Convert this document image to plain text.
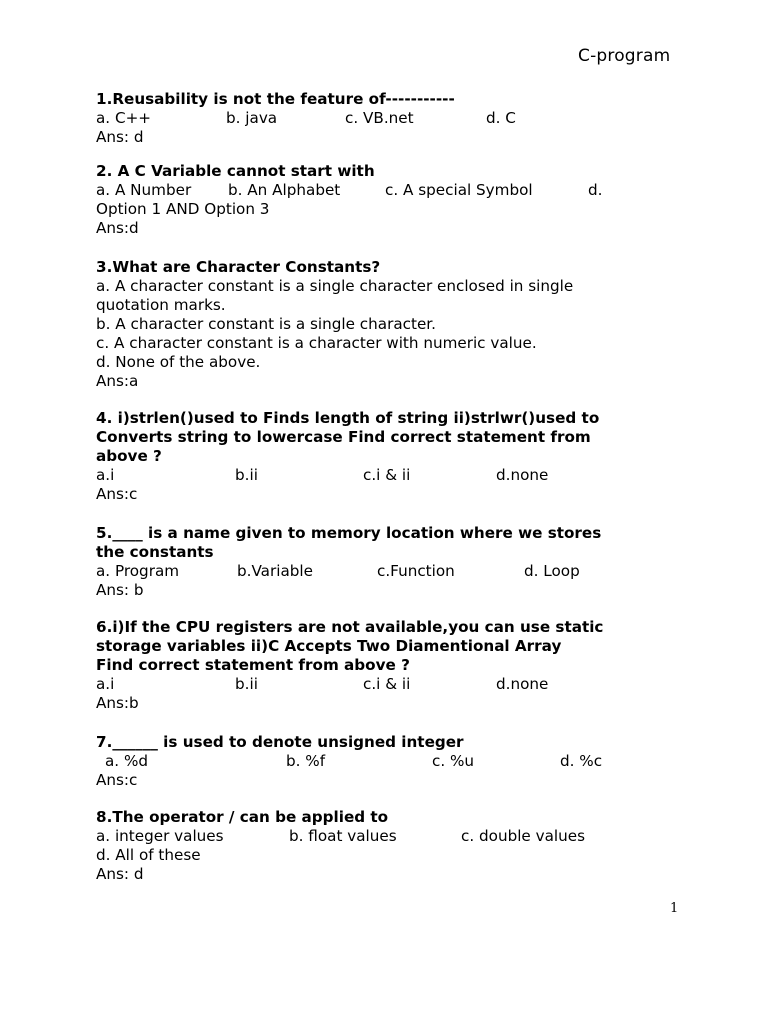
C-program
1.Reusability is not the feature of-----------
a. C++	b. java	c. VB.net	d. C
Ans: d
2. A C Variable cannot start with
a. A Number b. An Alphabet	c. A special Symbol	d.
Option 1 AND Option 3
Ans:d
3.What are Character Constants?
a. A character constant is a single character enclosed in single
quotation marks.
b. A character constant is a single character.
c. A character constant is a character with numeric value.
d. None of the above.
Ans:a
4. i)strlen()used to Finds length of string ii)strlwr()used to
Converts string to lowercase Find correct statement from
above ?
a.i	b.ii	c.i & ii	d.none
Ans:c
5.____ is a name given to memory location where we stores
the constants
a. Program	b.Variable	c.Function	d. Loop
Ans: b
6.i)If the CPU registers are not available,you can use static
storage variables ii)C Accepts Two Diamentional Array
Find correct statement from above ?
a.i	b.ii	c.i & ii	d.none
Ans:b
7.______ is used to denote unsigned integer
a. %d	b. %f	c. %u	d. %c
Ans:c
8.The operator / can be applied to
a. integer values	b. float values	c. double values
d. All of these
Ans: d
1
